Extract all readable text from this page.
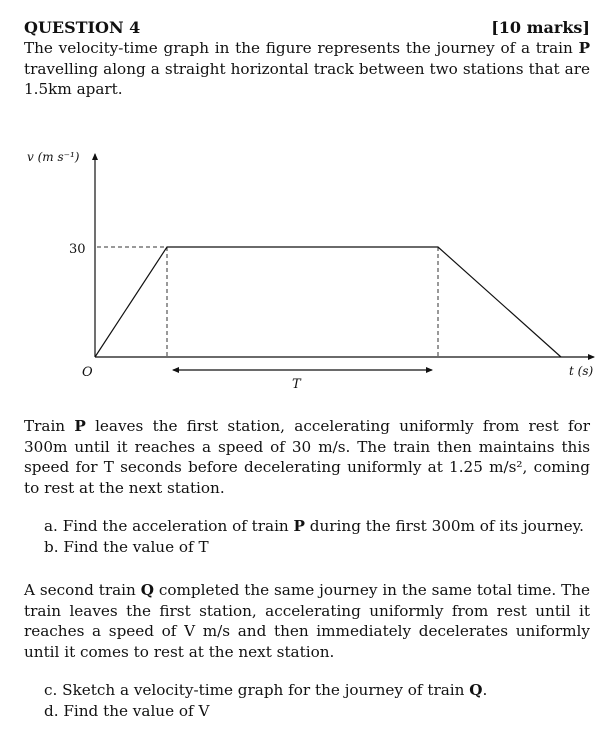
QUESTION 4	[10 marks]

The velocity-time graph in the figure represents the journey of a train P travelling along a straight horizontal track between two stations that are 1.5km apart.

v (m s⁻¹)
30
O	t (s)
T

Train P leaves the first station, accelerating uniformly from rest for 300m until it reaches a speed of 30 m/s. The train then maintains this speed for T seconds before decelerating uniformly at 1.25 m/s², coming to rest at the next station.

a. Find the acceleration of train P during the first 300m of its journey.
b. Find the value of T

A second train Q completed the same journey in the same total time. The train leaves the first station, accelerating uniformly from rest until it reaches a speed of V m/s and then immediately decelerates uniformly until it comes to rest at the next station.

c. Sketch a velocity-time graph for the journey of train Q.
d. Find the value of V
